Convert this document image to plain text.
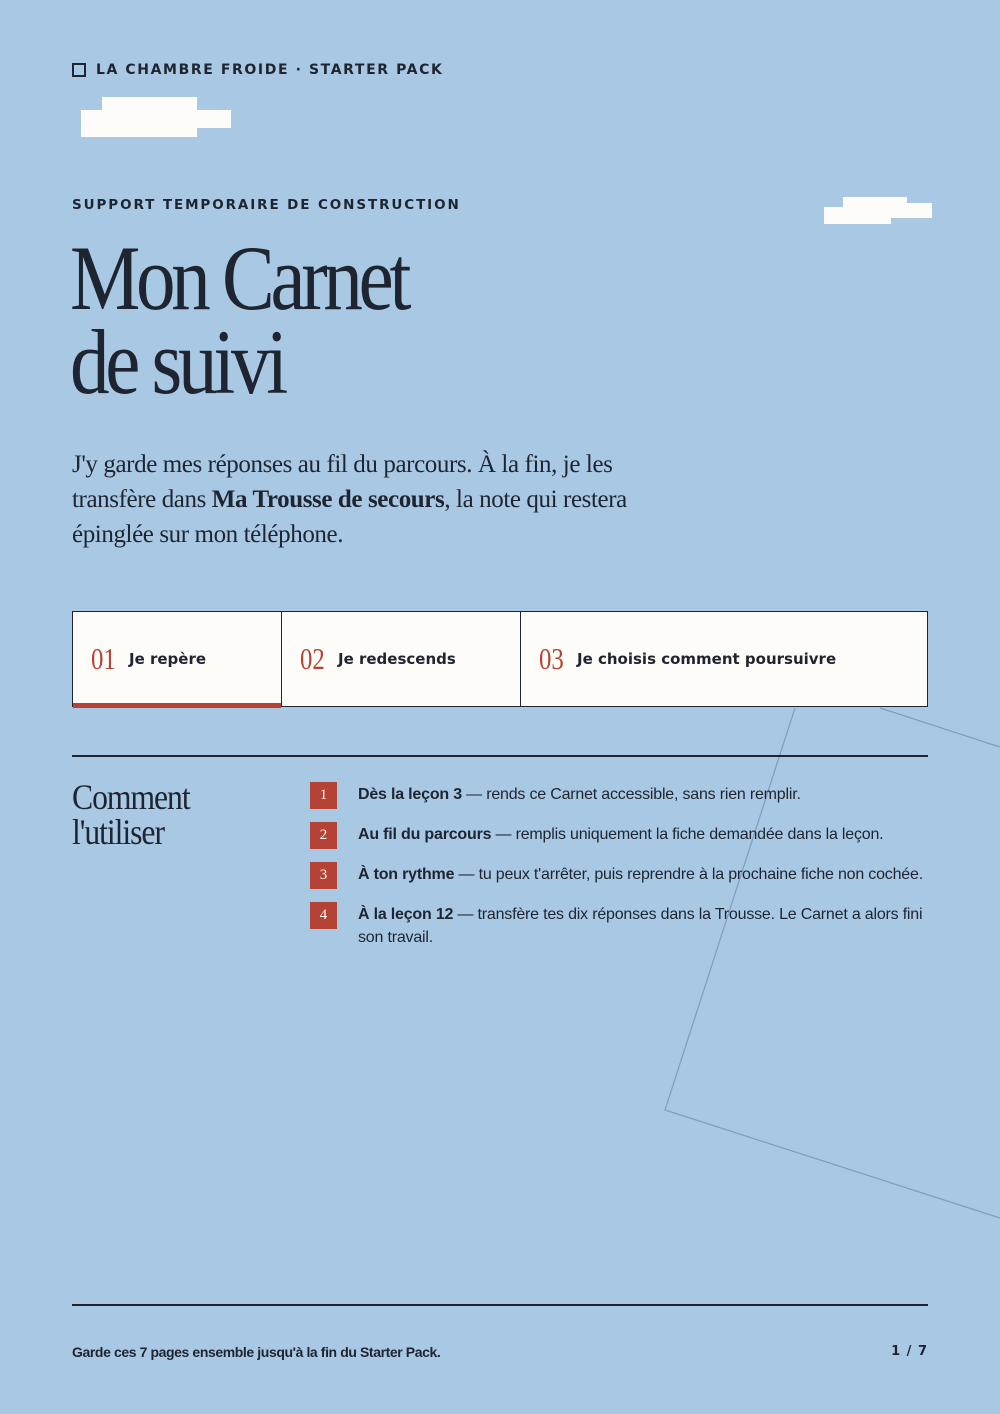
LA CHAMBRE FROIDE · STARTER PACK
SUPPORT TEMPORAIRE DE CONSTRUCTION
Mon Carnet
de suivi

J'y garde mes réponses au fil du parcours. À la fin, je les transfère dans Ma Trousse de secours, la note qui restera épinglée sur mon téléphone.

01 Je repère	02 Je redescends	03 Je choisis comment poursuivre
Comment
l'utiliser
1	Dès la leçon 3 — rends ce Carnet accessible, sans rien remplir.
2	Au fil du parcours — remplis uniquement la fiche demandée dans la leçon.
3	À ton rythme — tu peux t'arrêter, puis reprendre à la prochaine fiche non cochée.
4	À la leçon 12 — transfère tes dix réponses dans la Trousse. Le Carnet a alors fini son travail.
Garde ces 7 pages ensemble jusqu'à la fin du Starter Pack.	1 / 7
